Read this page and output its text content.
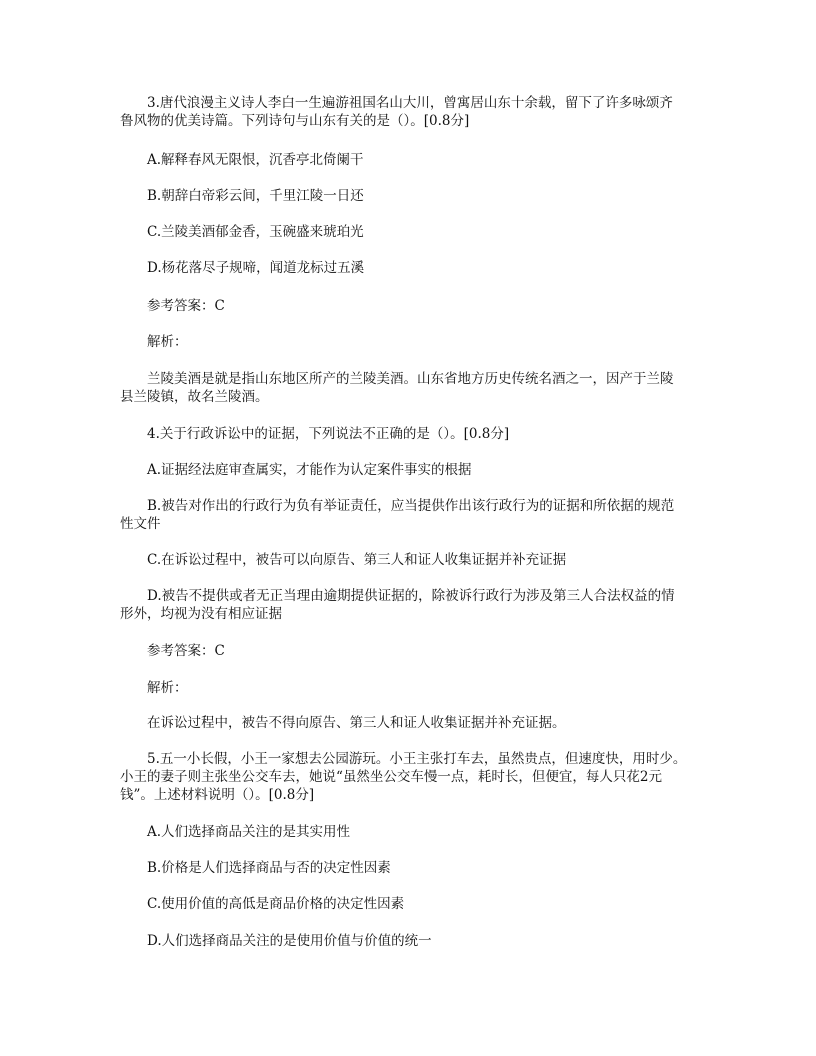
3.唐代浪漫主义诗人李白一生遍游祖国名山大川，曾寓居山东十余载，留下了许多咏颂齐
鲁风物的优美诗篇。下列诗句与山东有关的是（）。[0.8分]
A.解释春风无限恨，沉香亭北倚阑干
B.朝辞白帝彩云间，千里江陵一日还
C.兰陵美酒郁金香，玉碗盛来琥珀光
D.杨花落尽子规啼，闻道龙标过五溪
参考答案：C
解析：
兰陵美酒是就是指山东地区所产的兰陵美酒。山东省地方历史传统名酒之一，因产于兰陵
县兰陵镇，故名兰陵酒。
4.关于行政诉讼中的证据，下列说法不正确的是（）。[0.8分]
A.证据经法庭审查属实，才能作为认定案件事实的根据
B.被告对作出的行政行为负有举证责任，应当提供作出该行政行为的证据和所依据的规范
性文件
C.在诉讼过程中，被告可以向原告、第三人和证人收集证据并补充证据
D.被告不提供或者无正当理由逾期提供证据的，除被诉行政行为涉及第三人合法权益的情
形外，均视为没有相应证据
参考答案：C
解析：
在诉讼过程中，被告不得向原告、第三人和证人收集证据并补充证据。
5.五一小长假，小王一家想去公园游玩。小王主张打车去，虽然贵点，但速度快，用时少。
小王的妻子则主张坐公交车去，她说“虽然坐公交车慢一点，耗时长，但便宜，每人只花2元
钱”。上述材料说明（）。[0.8分]
A.人们选择商品关注的是其实用性
B.价格是人们选择商品与否的决定性因素
C.使用价值的高低是商品价格的决定性因素
D.人们选择商品关注的是使用价值与价值的统一
